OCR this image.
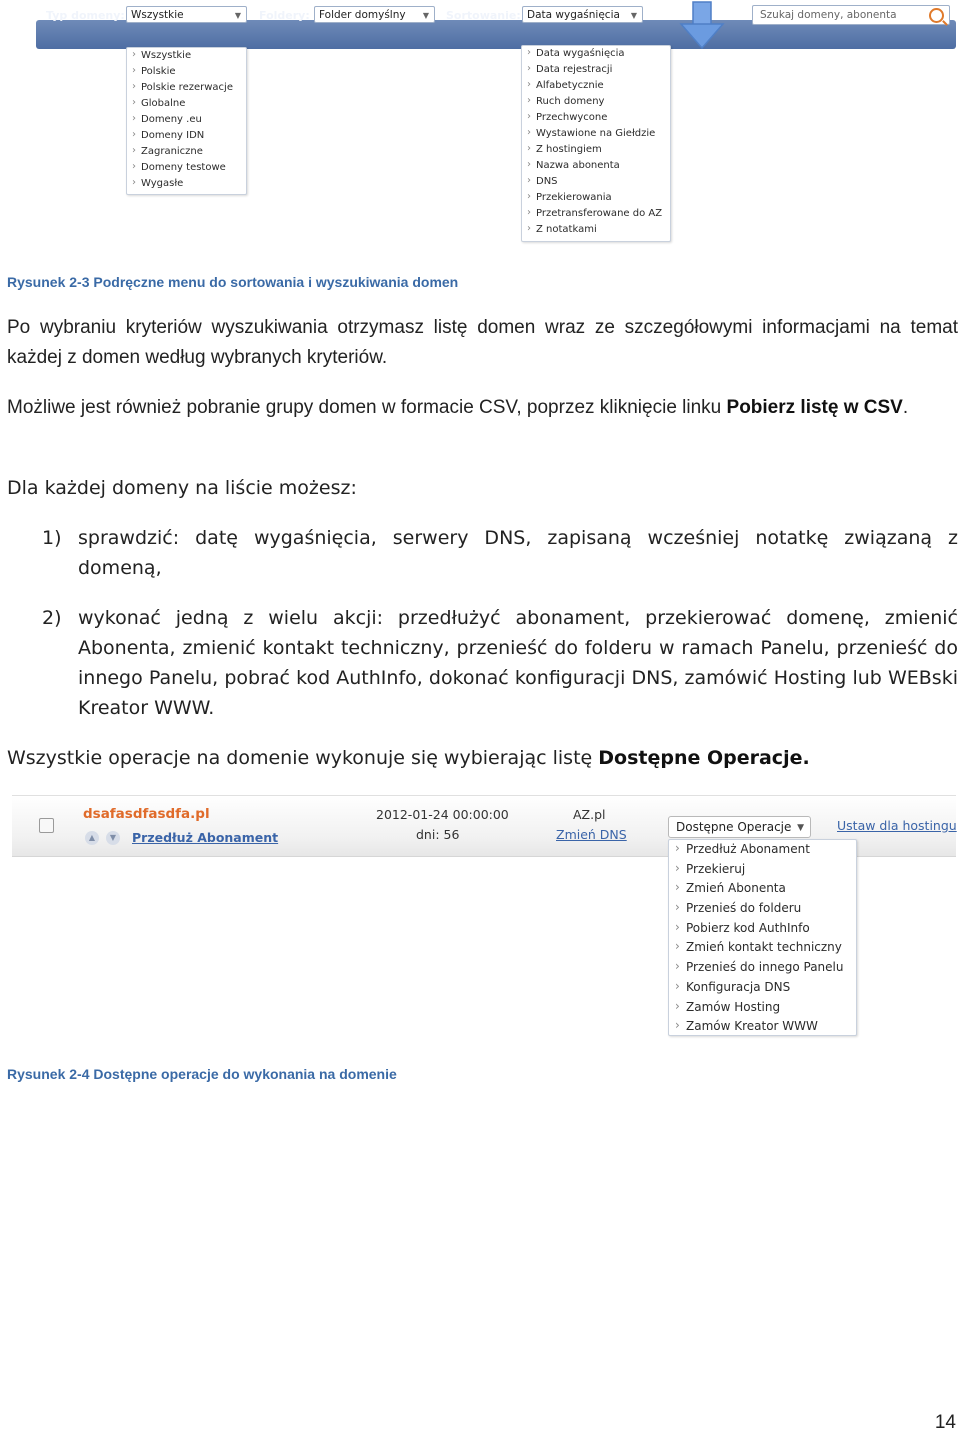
Typ domeny: Wszystkie	▼ Foldery: Folder domyślny ▼ Sortowanie: Data wygaśnięcia ▼	Szukaj domeny, abonenta
› Wszystkie
› Polskie
› Polskie rezerwacje
› Globalne
› Domeny .eu
› Domeny IDN
› Zagraniczne
› Domeny testowe
› Wygasłe
› Data wygaśnięcia
› Data rejestracji
› Alfabetycznie
› Ruch domeny
› Przechwycone
› Wystawione na Giełdzie
› Z hostingiem
› Nazwa abonenta
› DNS
› Przekierowania
› Przetransferowane do AZ
› Z notatkami
Rysunek 2-3 Podręczne menu do sortowania i wyszukiwania domen
Po wybraniu kryteriów wyszukiwania otrzymasz listę domen wraz ze szczegółowymi informacjami na temat każdej z domen według wybranych kryteriów.
Możliwe jest również pobranie grupy domen w formacie CSV, poprzez kliknięcie linku Pobierz listę w CSV.
Dla każdej domeny na liście możesz:
1) sprawdzić: datę wygaśnięcia, serwery DNS, zapisaną wcześniej notatkę związaną z domeną,
2) wykonać jedną z wielu akcji: przedłużyć abonament, przekierować domenę, zmienić Abonenta, zmienić kontakt techniczny, przenieść do folderu w ramach Panelu, przenieść do innego Panelu, pobrać kod AuthInfo, dokonać konfiguracji DNS, zamówić Hosting lub WEBski Kreator WWW.
Wszystkie operacje na domenie wykonuje się wybierając listę Dostępne Operacje.
dsafasdfasdfa.pl
▲	▼	Przedłuż Abonament
2012-01-24 00:00:00
dni: 56
AZ.pl
Zmień DNS	Dostępne Operacje ▼	Ustaw dla hostingu
› Przedłuż Abonament
› Przekieruj
› Zmień Abonenta
› Przenieś do folderu
› Pobierz kod AuthInfo
› Zmień kontakt techniczny
› Przenieś do innego Panelu
› Konfiguracja DNS
› Zamów Hosting
› Zamów Kreator WWW
Rysunek 2-4 Dostępne operacje do wykonania na domenie
14
